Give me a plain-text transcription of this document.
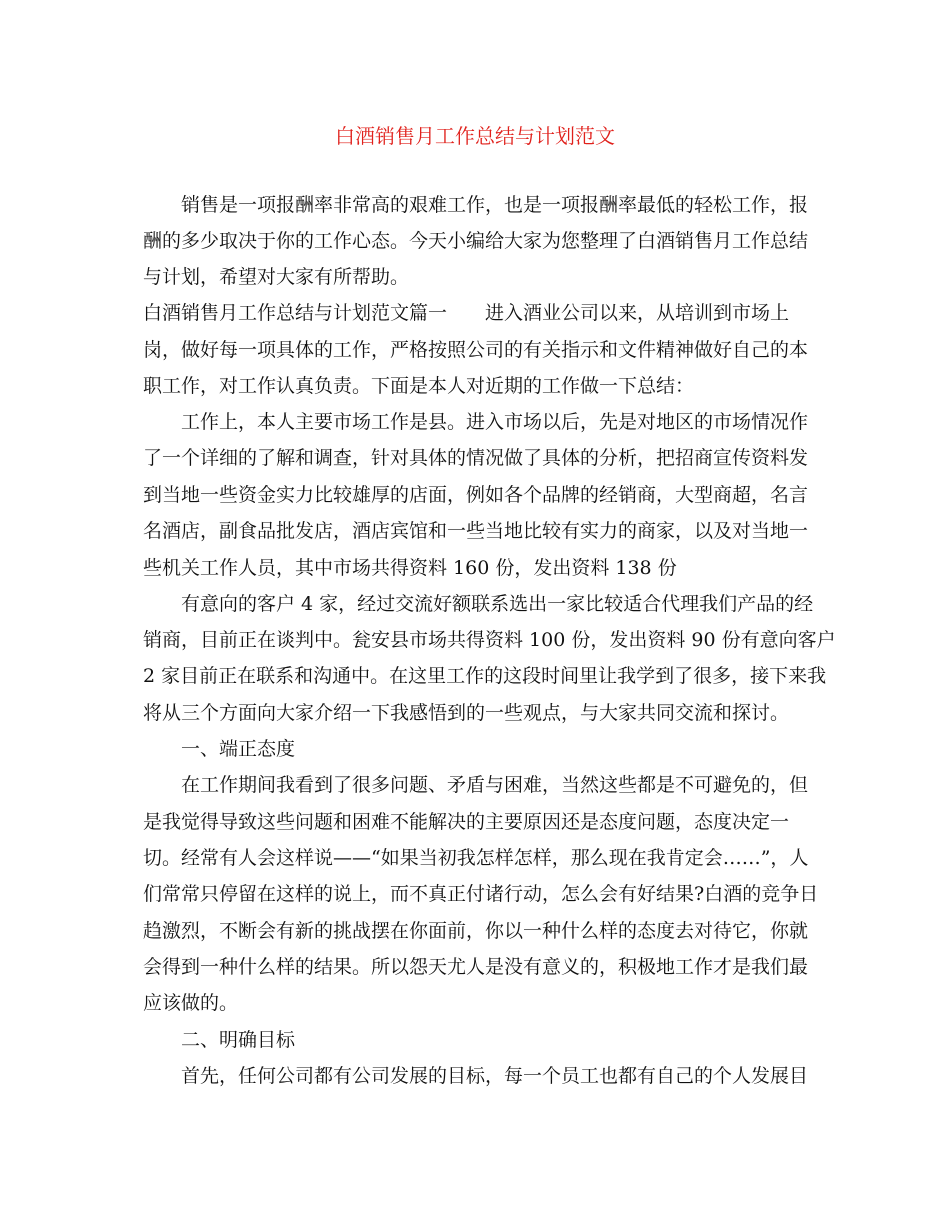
白酒销售月工作总结与计划范文
销售是一项报酬率非常高的艰难工作，也是一项报酬率最低的轻松工作，报
酬的多少取决于你的工作心态。今天小编给大家为您整理了白酒销售月工作总结
与计划，希望对大家有所帮助。
白酒销售月工作总结与计划范文篇一　　进入酒业公司以来，从培训到市场上
岗，做好每一项具体的工作，严格按照公司的有关指示和文件精神做好自己的本
职工作，对工作认真负责。下面是本人对近期的工作做一下总结：
工作上，本人主要市场工作是县。进入市场以后，先是对地区的市场情况作
了一个详细的了解和调查，针对具体的情况做了具体的分析，把招商宣传资料发
到当地一些资金实力比较雄厚的店面，例如各个品牌的经销商，大型商超，名言
名酒店，副食品批发店，酒店宾馆和一些当地比较有实力的商家，以及对当地一
些机关工作人员，其中市场共得资料 160 份，发出资料 138 份
有意向的客户 4 家，经过交流好额联系选出一家比较适合代理我们产品的经
销商，目前正在谈判中。瓮安县市场共得资料 100 份，发出资料 90 份有意向客户
2 家目前正在联系和沟通中。在这里工作的这段时间里让我学到了很多，接下来我
将从三个方面向大家介绍一下我感悟到的一些观点，与大家共同交流和探讨。
一、端正态度
在工作期间我看到了很多问题、矛盾与困难，当然这些都是不可避免的，但
是我觉得导致这些问题和困难不能解决的主要原因还是态度问题，态度决定一
切。经常有人会这样说——“如果当初我怎样怎样，那么现在我肯定会……”，人
们常常只停留在这样的说上，而不真正付诸行动，怎么会有好结果?白酒的竞争日
趋激烈，不断会有新的挑战摆在你面前，你以一种什么样的态度去对待它，你就
会得到一种什么样的结果。所以怨天尤人是没有意义的，积极地工作才是我们最
应该做的。
二、明确目标
首先，任何公司都有公司发展的目标，每一个员工也都有自己的个人发展目
